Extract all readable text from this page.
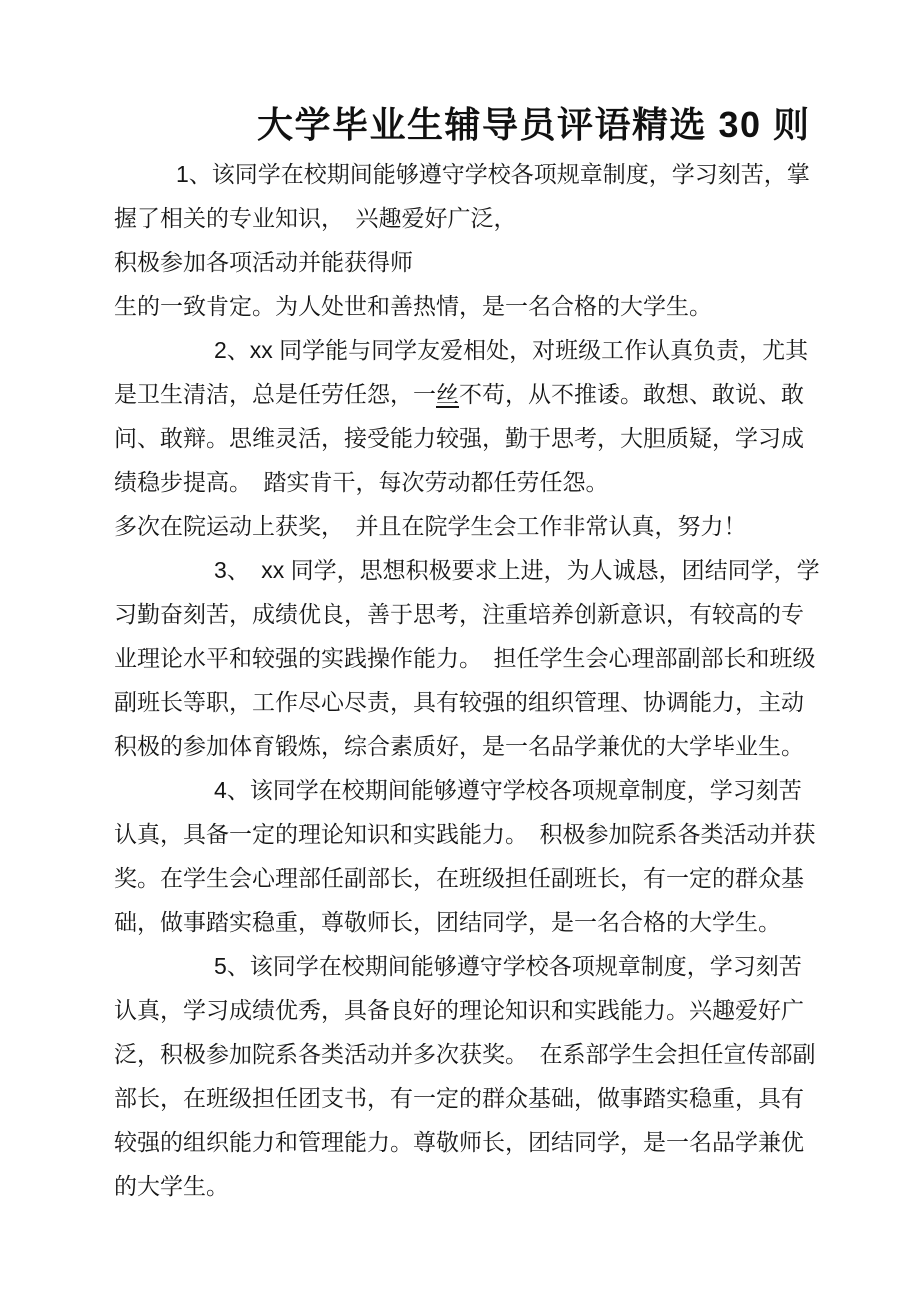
大学毕业生辅导员评语精选 30 则
1、该同学在校期间能够遵守学校各项规章制度，学习刻苦，掌
握了相关的专业知识，　兴趣爱好广泛，
积极参加各项活动并能获得师
生的一致肯定。为人处世和善热情，是一名合格的大学生。
2、xx 同学能与同学友爱相处，对班级工作认真负责，尤其
是卫生清洁，总是任劳任怨，一丝不苟，从不推诿。敢想、敢说、敢
问、敢辩。思维灵活，接受能力较强，勤于思考，大胆质疑，学习成
绩稳步提高。　踏实肯干，每次劳动都任劳任怨。
多次在院运动上获奖，　并且在院学生会工作非常认真，努力！
3、　xx 同学，思想积极要求上进，为人诚恳，团结同学，学
习勤奋刻苦，成绩优良，善于思考，注重培养创新意识，有较高的专
业理论水平和较强的实践操作能力。　担任学生会心理部副部长和班级
副班长等职，工作尽心尽责，具有较强的组织管理、协调能力，主动
积极的参加体育锻炼，综合素质好，是一名品学兼优的大学毕业生。
4、该同学在校期间能够遵守学校各项规章制度，学习刻苦
认真，具备一定的理论知识和实践能力。　积极参加院系各类活动并获
奖。在学生会心理部任副部长，在班级担任副班长，有一定的群众基
础，做事踏实稳重，尊敬师长，团结同学，是一名合格的大学生。
5、该同学在校期间能够遵守学校各项规章制度，学习刻苦
认真，学习成绩优秀，具备良好的理论知识和实践能力。兴趣爱好广
泛，积极参加院系各类活动并多次获奖。　在系部学生会担任宣传部副
部长，在班级担任团支书，有一定的群众基础，做事踏实稳重，具有
较强的组织能力和管理能力。尊敬师长，团结同学，是一名品学兼优
的大学生。
